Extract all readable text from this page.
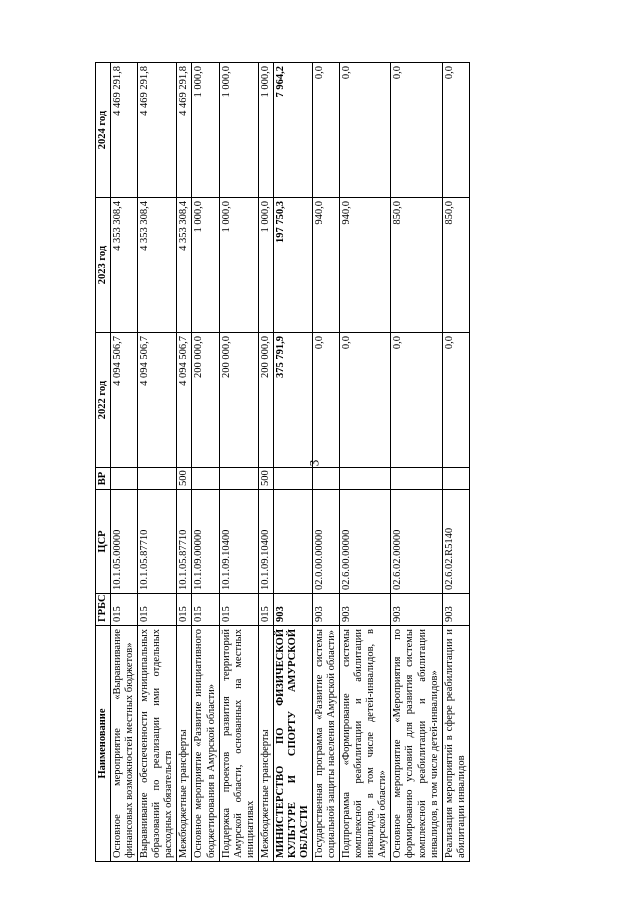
3
Наименование	ГРБС	ЦСР	ВР	2022 год	2023 год	2024 год
Основное мероприятие «Выравнивание финансовых возможностей местных бюджетов»	015	10.1.05.00000		4 094 506,7	4 353 308,4	4 469 291,8
Выравнивание обеспеченности муниципальных образований по реализации ими отдельных расходных обязательств	015	10.1.05.87710		4 094 506,7	4 353 308,4	4 469 291,8
Межбюджетные трансферты	015	10.1.05.87710	500	4 094 506,7	4 353 308,4	4 469 291,8
Основное мероприятие «Развитие инициативного бюджетирования в Амурской области»	015	10.1.09.00000		200 000,0	1 000,0	1 000,0
Поддержка проектов развития территорий Амурской области, основанных на местных инициативах	015	10.1.09.10400		200 000,0	1 000,0	1 000,0
Межбюджетные трансферты	015	10.1.09.10400	500	200 000,0	1 000,0	1 000,0
МИНИСТЕРСТВО ПО ФИЗИЧЕСКОЙ КУЛЬТУРЕ И СПОРТУ АМУРСКОЙ ОБЛАСТИ	903			375 791,9	197 750,3	7 964,2
Государственная программа «Развитие системы социальной защиты населения Амурской области»	903	02.0.00.00000		0,0	940,0	0,0
Подпрограмма «Формирование системы комплексной реабилитации и абилитации инвалидов, в том числе детей-инвалидов, в Амурской области»	903	02.6.00.00000		0,0	940,0	0,0
Основное мероприятие «Мероприятия по формированию условий для развития системы комплексной реабилитации и абилитации инвалидов, в том числе детей-инвалидов»	903	02.6.02.00000		0,0	850,0	0,0
Реализация мероприятий в сфере реабилитации и абилитации инвалидов	903	02.6.02.R5140		0,0	850,0	0,0
